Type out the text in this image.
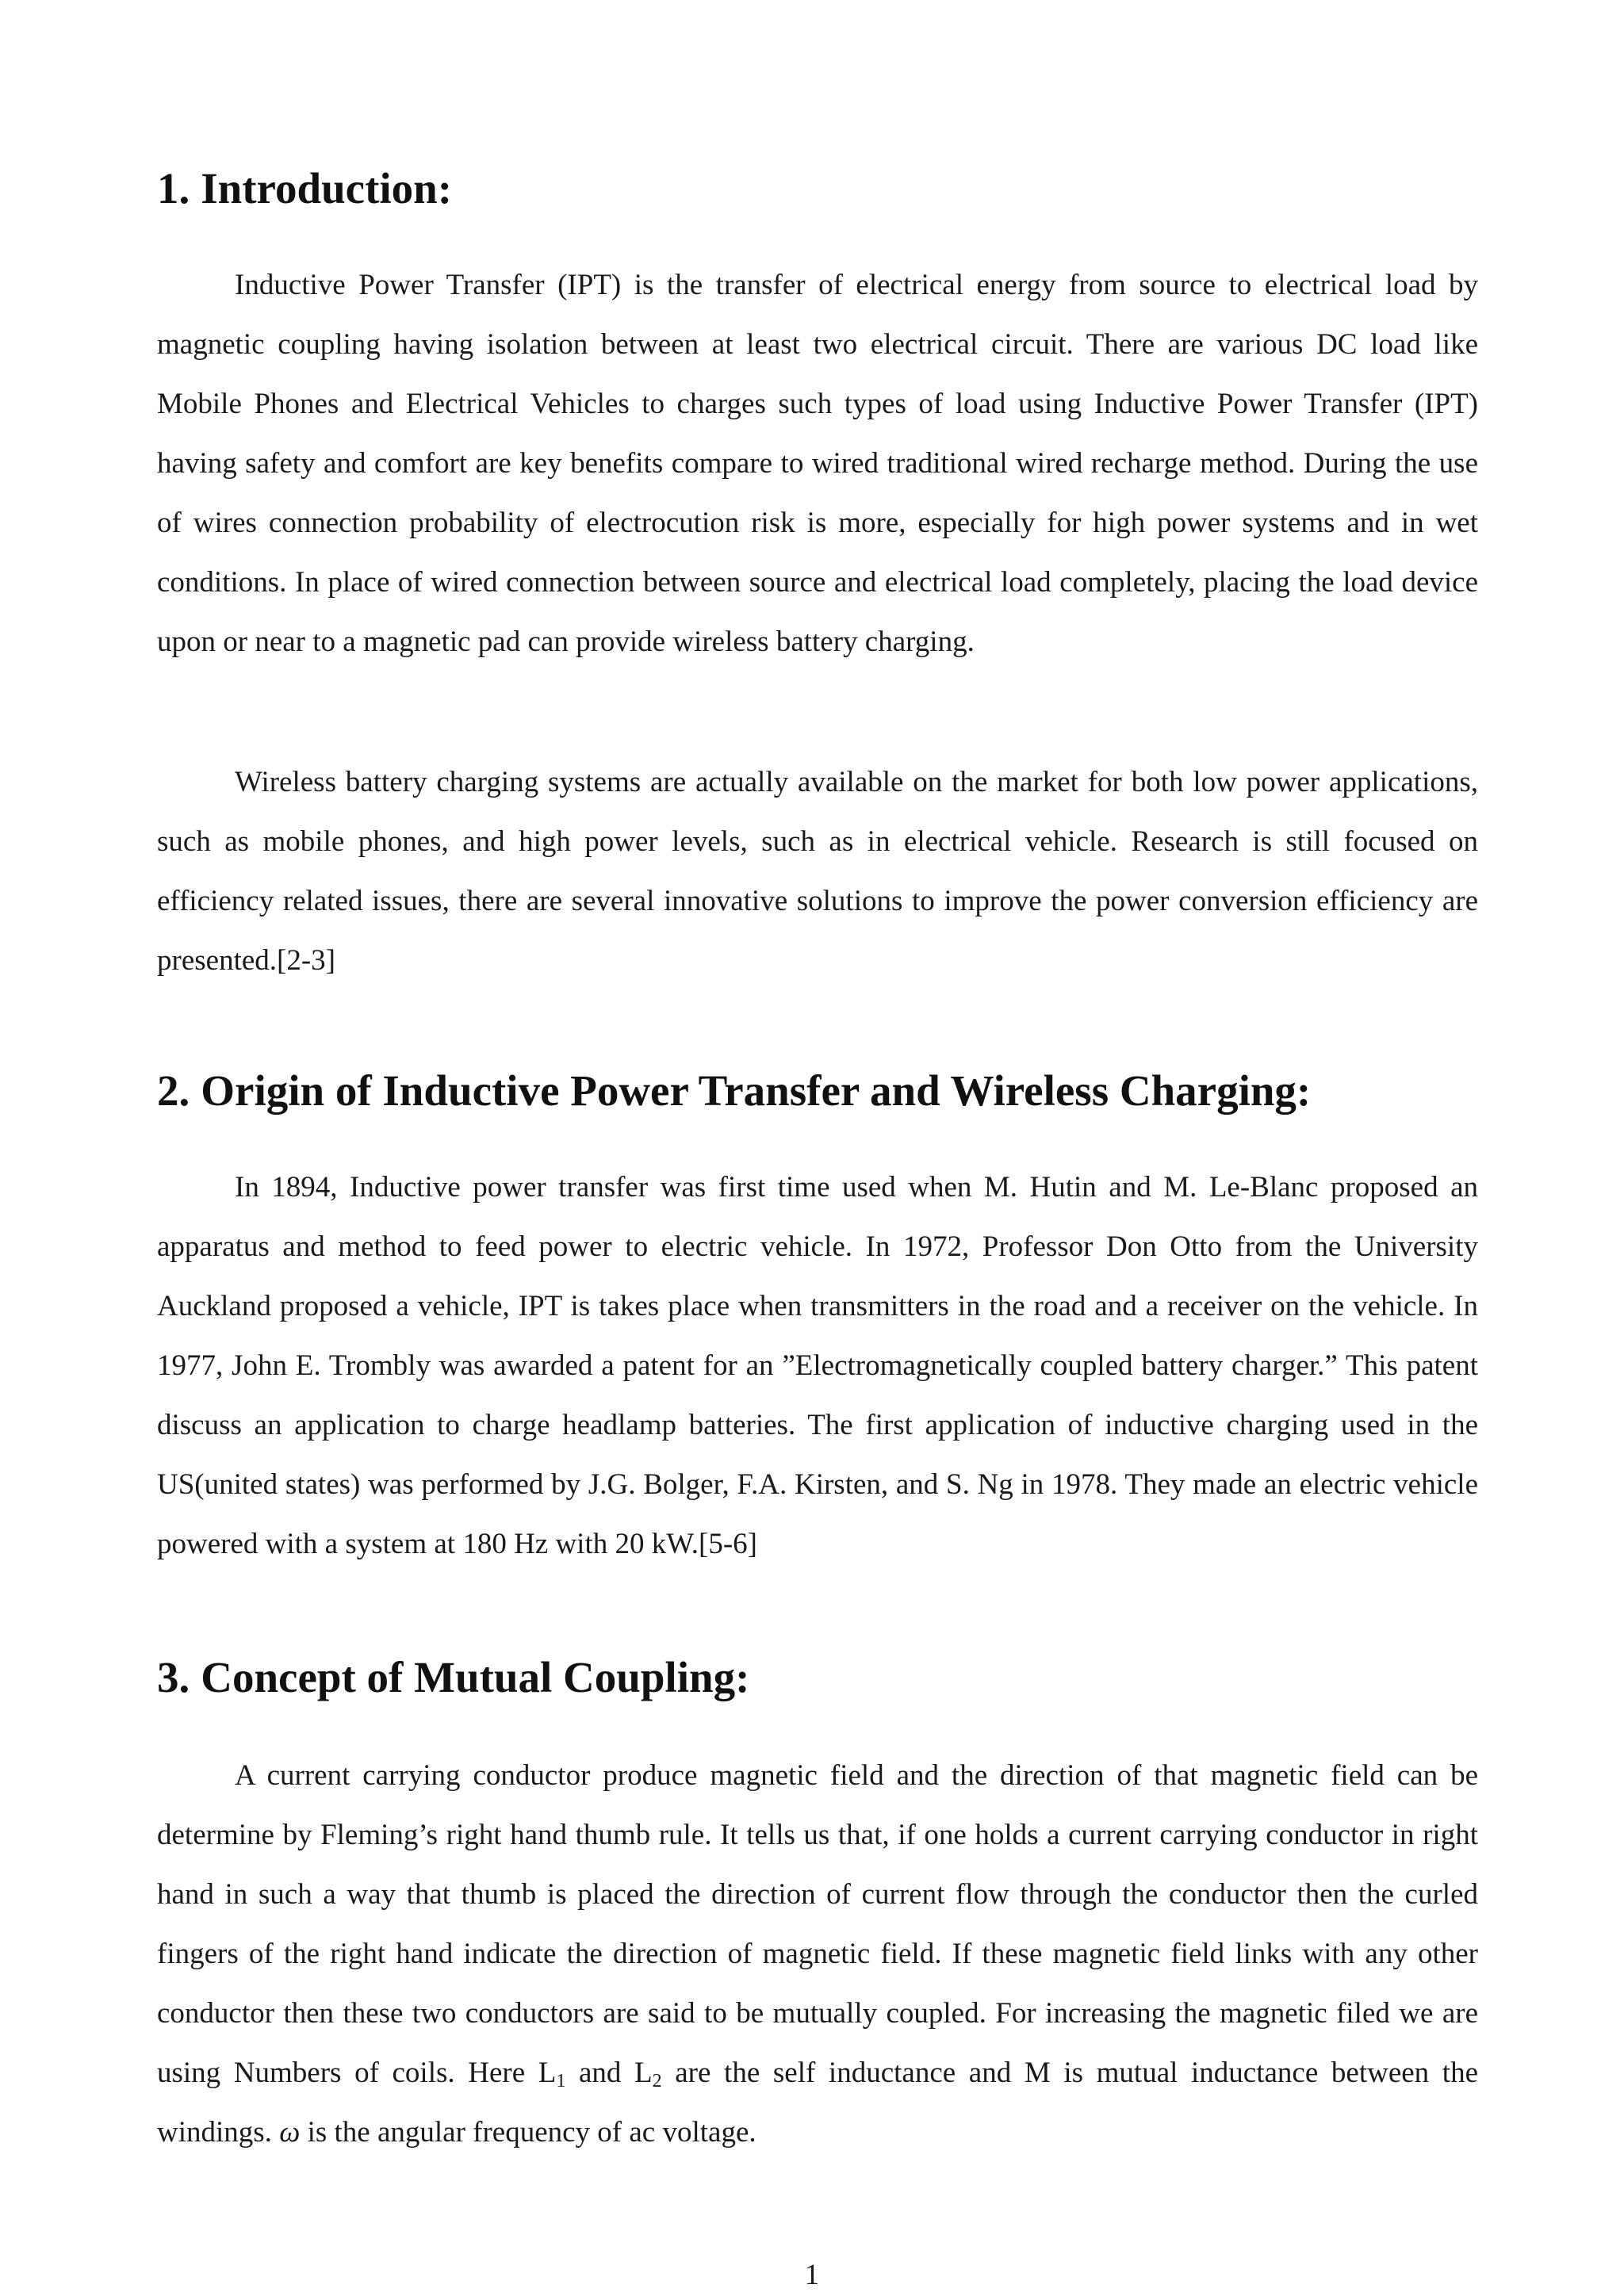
1. Introduction:

Inductive Power Transfer (IPT) is the transfer of electrical energy from source to electrical load by magnetic coupling having isolation between at least two electrical circuit. There are various DC load like Mobile Phones and Electrical Vehicles to charges such types of load using Inductive Power Transfer (IPT) having safety and comfort are key benefits compare to wired traditional wired recharge method. During the use of wires connection probability of electrocution risk is more, especially for high power systems and in wet conditions. In place of wired connection between source and electrical load completely, placing the load device upon or near to a magnetic pad can provide wireless battery charging.

Wireless battery charging systems are actually available on the market for both low power applications, such as mobile phones, and high power levels, such as in electrical vehicle. Research is still focused on efficiency related issues, there are several innovative solutions to improve the power conversion efficiency are presented.[2-3]

2. Origin of Inductive Power Transfer and Wireless Charging:

In 1894, Inductive power transfer was first time used when M. Hutin and M. Le-Blanc proposed an apparatus and method to feed power to electric vehicle. In 1972, Professor Don Otto from the University Auckland proposed a vehicle, IPT is takes place when transmitters in the road and a receiver on the vehicle. In 1977, John E. Trombly was awarded a patent for an ”Electromagnetically coupled battery charger.” This patent discuss an application to charge headlamp batteries. The first application of inductive charging used in the US(united states) was performed by J.G. Bolger, F.A. Kirsten, and S. Ng in 1978. They made an electric vehicle powered with a system at 180 Hz with 20 kW.[5-6]

3. Concept of Mutual Coupling:

A current carrying conductor produce magnetic field and the direction of that magnetic field can be determine by Fleming’s right hand thumb rule. It tells us that, if one holds a current carrying conductor in right hand in such a way that thumb is placed the direction of current flow through the conductor then the curled fingers of the right hand indicate the direction of magnetic field. If these magnetic field links with any other conductor then these two conductors are said to be mutually coupled. For increasing the magnetic filed we are using Numbers of coils. Here $L_1$ and $L_2$ are the self inductance and M is mutual inductance between the windings. ω is the angular frequency of ac voltage.

1
